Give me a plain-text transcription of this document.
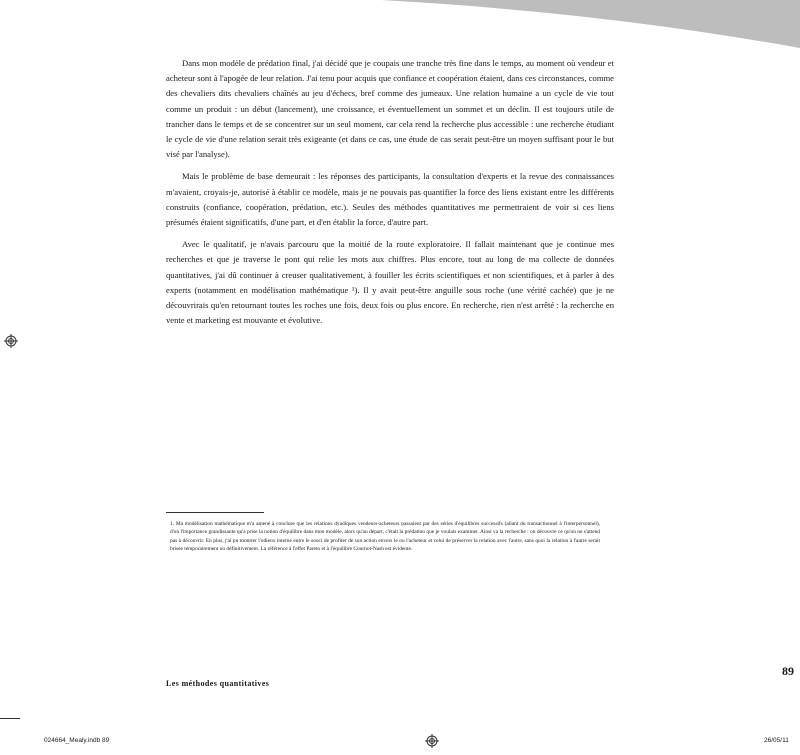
Dans mon modèle de prédation final, j'ai décidé que je coupais une tranche très fine dans le temps, au moment où vendeur et acheteur sont à l'apogée de leur relation. J'ai tenu pour acquis que confiance et coopération étaient, dans ces circonstances, comme des chevaliers dits chevaliers chaînés au jeu d'échecs, bref comme des jumeaux. Une relation humaine a un cycle de vie tout comme un produit : un début (lancement), une croissance, et éventuellement un sommet et un déclin. Il est toujours utile de trancher dans le temps et de se concentrer sur un seul moment, car cela rend la recherche plus accessible : une recherche étudiant le cycle de vie d'une relation serait très exigeante (et dans ce cas, une étude de cas serait peut-être un moyen suffisant pour le but visé par l'analyse).

Mais le problème de base demeurait : les réponses des participants, la consultation d'experts et la revue des connaissances m'avaient, croyais-je, autorisé à établir ce modèle, mais je ne pouvais pas quantifier la force des liens existant entre les différents construits (confiance, coopération, prédation, etc.). Seules des méthodes quantitatives me permettraient de voir si ces liens présumés étaient significatifs, d'une part, et d'en établir la force, d'autre part.

Avec le qualitatif, je n'avais parcouru que la moitié de la route exploratoire. Il fallait maintenant que je continue mes recherches et que je traverse le pont qui relie les mots aux chiffres. Plus encore, tout au long de ma collecte de données quantitatives, j'ai dû continuer à creuser qualitativement, à fouiller les écrits scientifiques et non scientifiques, et à parler à des experts (notamment en modélisation mathématique ¹). Il y avait peut-être anguille sous roche (une vérité cachée) que je ne découvrirais qu'en retournant toutes les roches une fois, deux fois ou plus encore. En recherche, rien n'est arrêté : la recherche en vente et marketing est mouvante et évolutive.

1. Ma modélisation mathématique m'a amené à conclure que les relations dyadiques vendeurs-acheteurs passaient par des séries d'équilibres successifs (allant du transactionnel à l'interpersonnel), d'où l'importance grandissante qu'a prise la notion d'équilibre dans mon modèle, alors qu'au départ, c'était la prédation que je voulais examiner. Ainsi va la recherche : on découvre ce qu'on ne s'attend pas à découvrir. En plus, j'ai pu montrer l'odieux interne entre le souci de profiter de son action envers le ou l'acheteur et celui de préserver la relation avec l'autre, sans quoi la relation à l'autre serait brisée temporairement ou définitivement. La référence à l'effet Pareto et à l'équilibre Cournot-Nash est évidente.

89
Les méthodes quantitatives
024664_Mealy.indb 89	26/05/11
